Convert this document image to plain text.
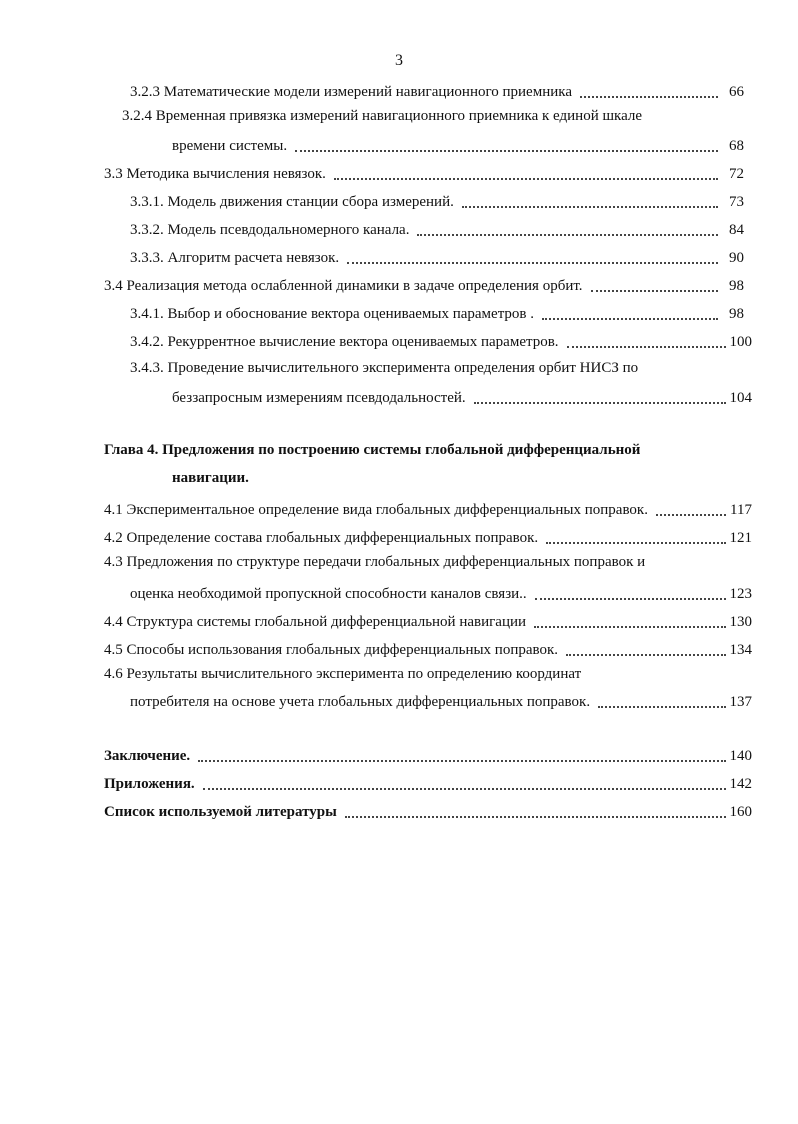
3
3.2.3 Математические модели измерений навигационного приемника	66
3.2.4 Временная привязка измерений навигационного приемника к единой шкале
времени системы.	68
3.3 Методика вычисления невязок.	72
3.3.1. Модель движения станции сбора измерений.	73
3.3.2. Модель псевдодальномерного канала.	84
3.3.3. Алгоритм расчета невязок.	90
3.4 Реализация метода ослабленной динамики в задаче определения орбит.	98
3.4.1. Выбор и обоснование вектора оцениваемых параметров .	98
3.4.2. Рекуррентное вычисление вектора оцениваемых параметров.	100
3.4.3. Проведение вычислительного эксперимента определения орбит НИСЗ по
беззапросным измерениям псевдодальностей.	104
Глава 4. Предложения по построению системы глобальной дифференциальной
навигации.
4.1 Экспериментальное определение вида глобальных дифференциальных поправок.	117
4.2 Определение состава глобальных дифференциальных поправок.	121
4.3 Предложения по структуре передачи глобальных дифференциальных поправок и
оценка необходимой пропускной способности каналов связи..	123
4.4 Структура системы глобальной дифференциальной навигации	130
4.5 Способы использования глобальных дифференциальных поправок.	134
4.6 Результаты вычислительного эксперимента по определению координат
потребителя на основе учета глобальных дифференциальных поправок.	137
Заключение.	140
Приложения.	142
Список используемой литературы	160
